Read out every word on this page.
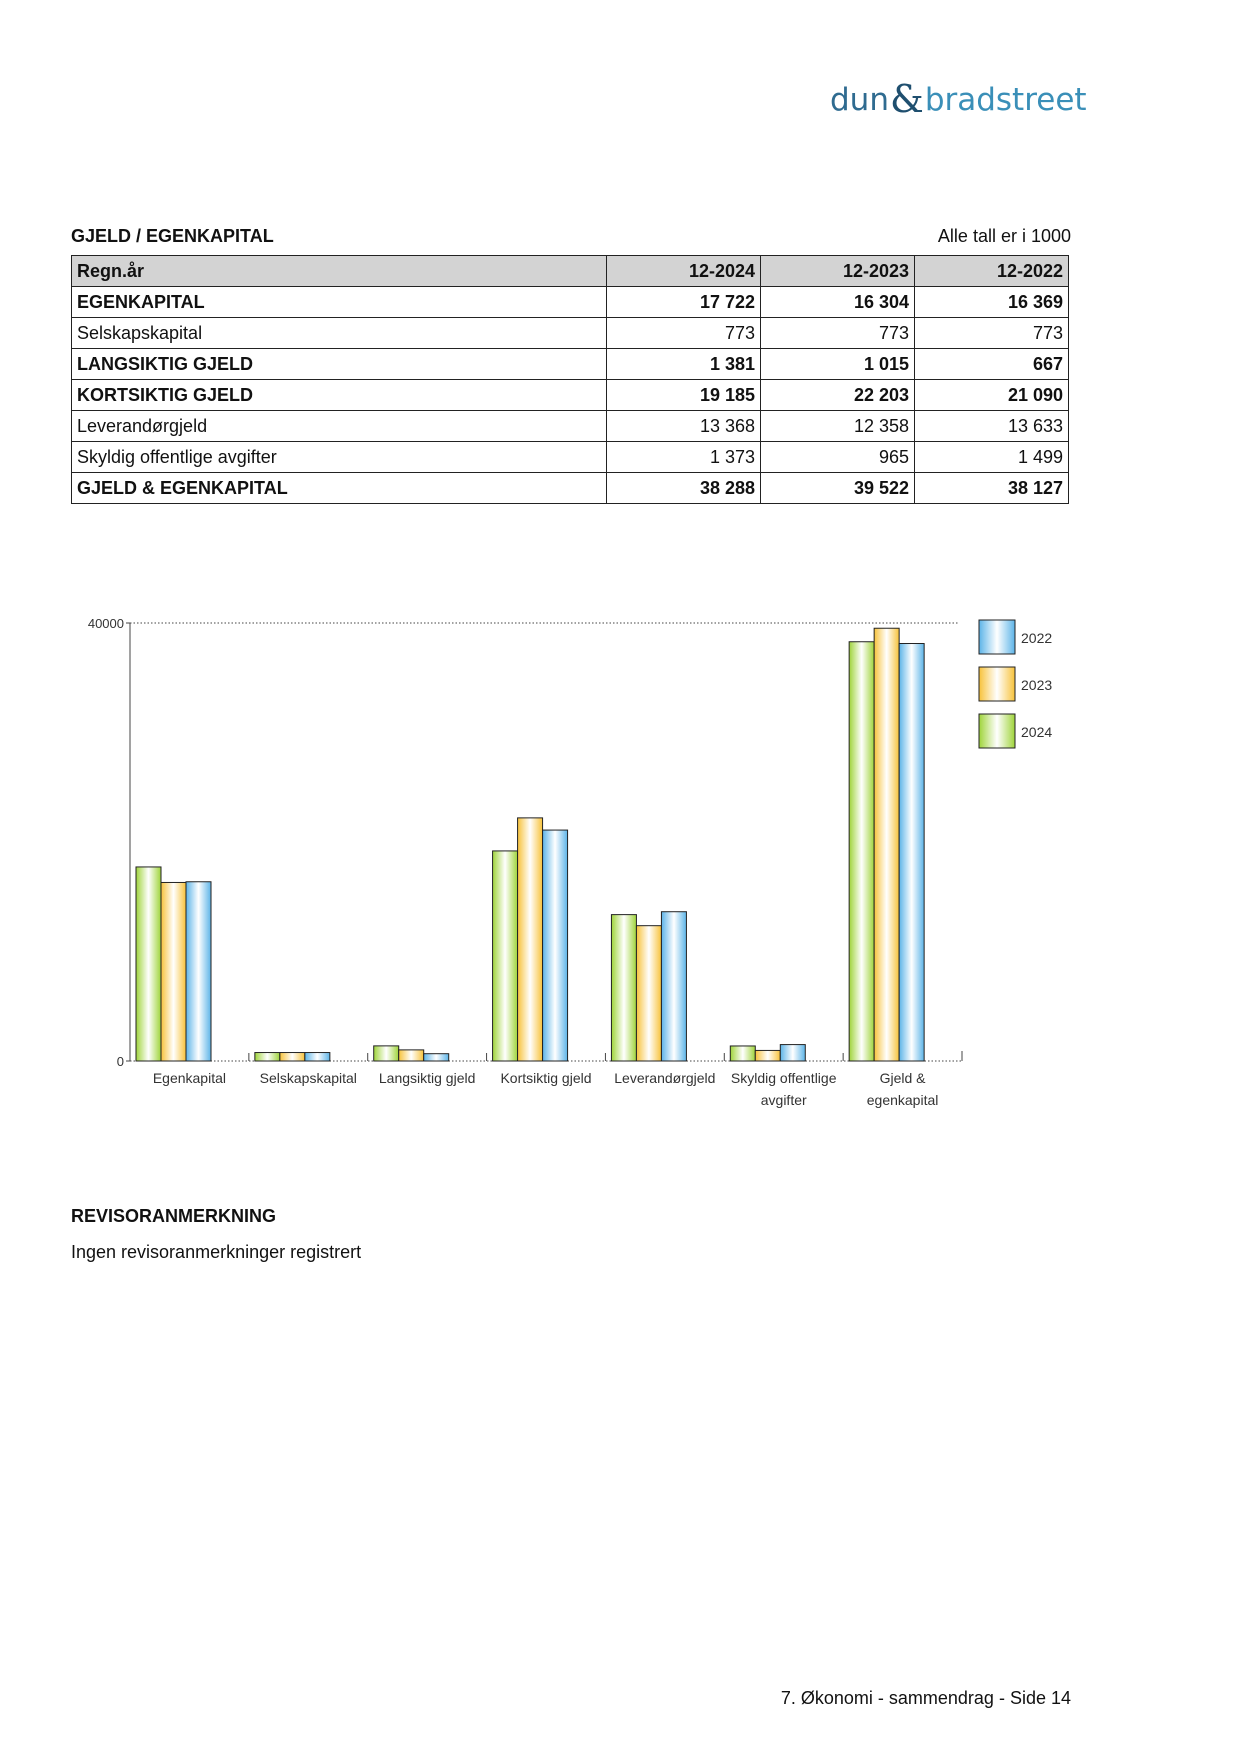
dun & bradstreet
GJELD / EGENKAPITAL	Alle tall er i 1000
Regn.år	12-2024	12-2023	12-2022
EGENKAPITAL	17 722	16 304	16 369
Selskapskapital	773	773	773
LANGSIKTIG GJELD	1 381	1 015	667
KORTSIKTIG GJELD	19 185	22 203	21 090
Leverandørgjeld	13 368	12 358	13 633
Skyldig offentlige avgifter	1 373	965	1 499
GJELD & EGENKAPITAL	38 288	39 522	38 127
40000
0
Egenkapital Selskapskapital Langsiktig gjeld Kortsiktig gjeld Leverandørgjeld Skyldig offentlige
avgifter
Gjeld &
egenkapital
2022
2023
2024
REVISORANMERKNING
Ingen revisoranmerkninger registrert
7. Økonomi - sammendrag - Side 14
